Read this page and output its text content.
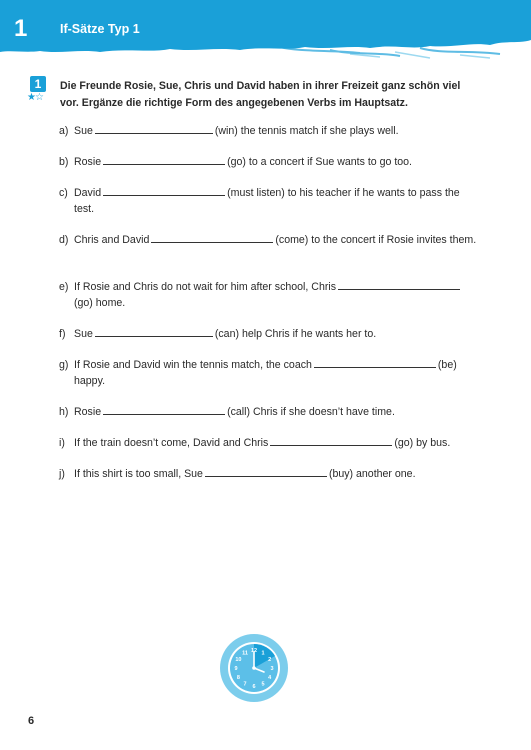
1	If-Sätze Typ 1
1
★☆
Die Freunde Rosie, Sue, Chris und David haben in ihrer Freizeit ganz schön viel vor. Ergänze die richtige Form des angegebenen Verbs im Hauptsatz.
a) Sue	(win) the tennis match if she plays well.
b) Rosie	(go) to a concert if Sue wants to go too.
c) David	(must listen) to his teacher if he wants to pass the test.
d) Chris and David	(come) to the concert if Rosie invites them.
e) If Rosie and Chris do not wait for him after school, Chris(go) home.
f) Sue	(can) help Chris if he wants her to.
g) If Rosie and David win the tennis match, the coach	(be) happy.
h) Rosie	(call) Chris if she doesn’t have time.
i) If the train doesn’t come, David and Chris	(go) by bus.
j) If this shirt is too small, Sue	(buy) another one.
12 1
2
3
4
5
6
7
8
9
10
11
6
